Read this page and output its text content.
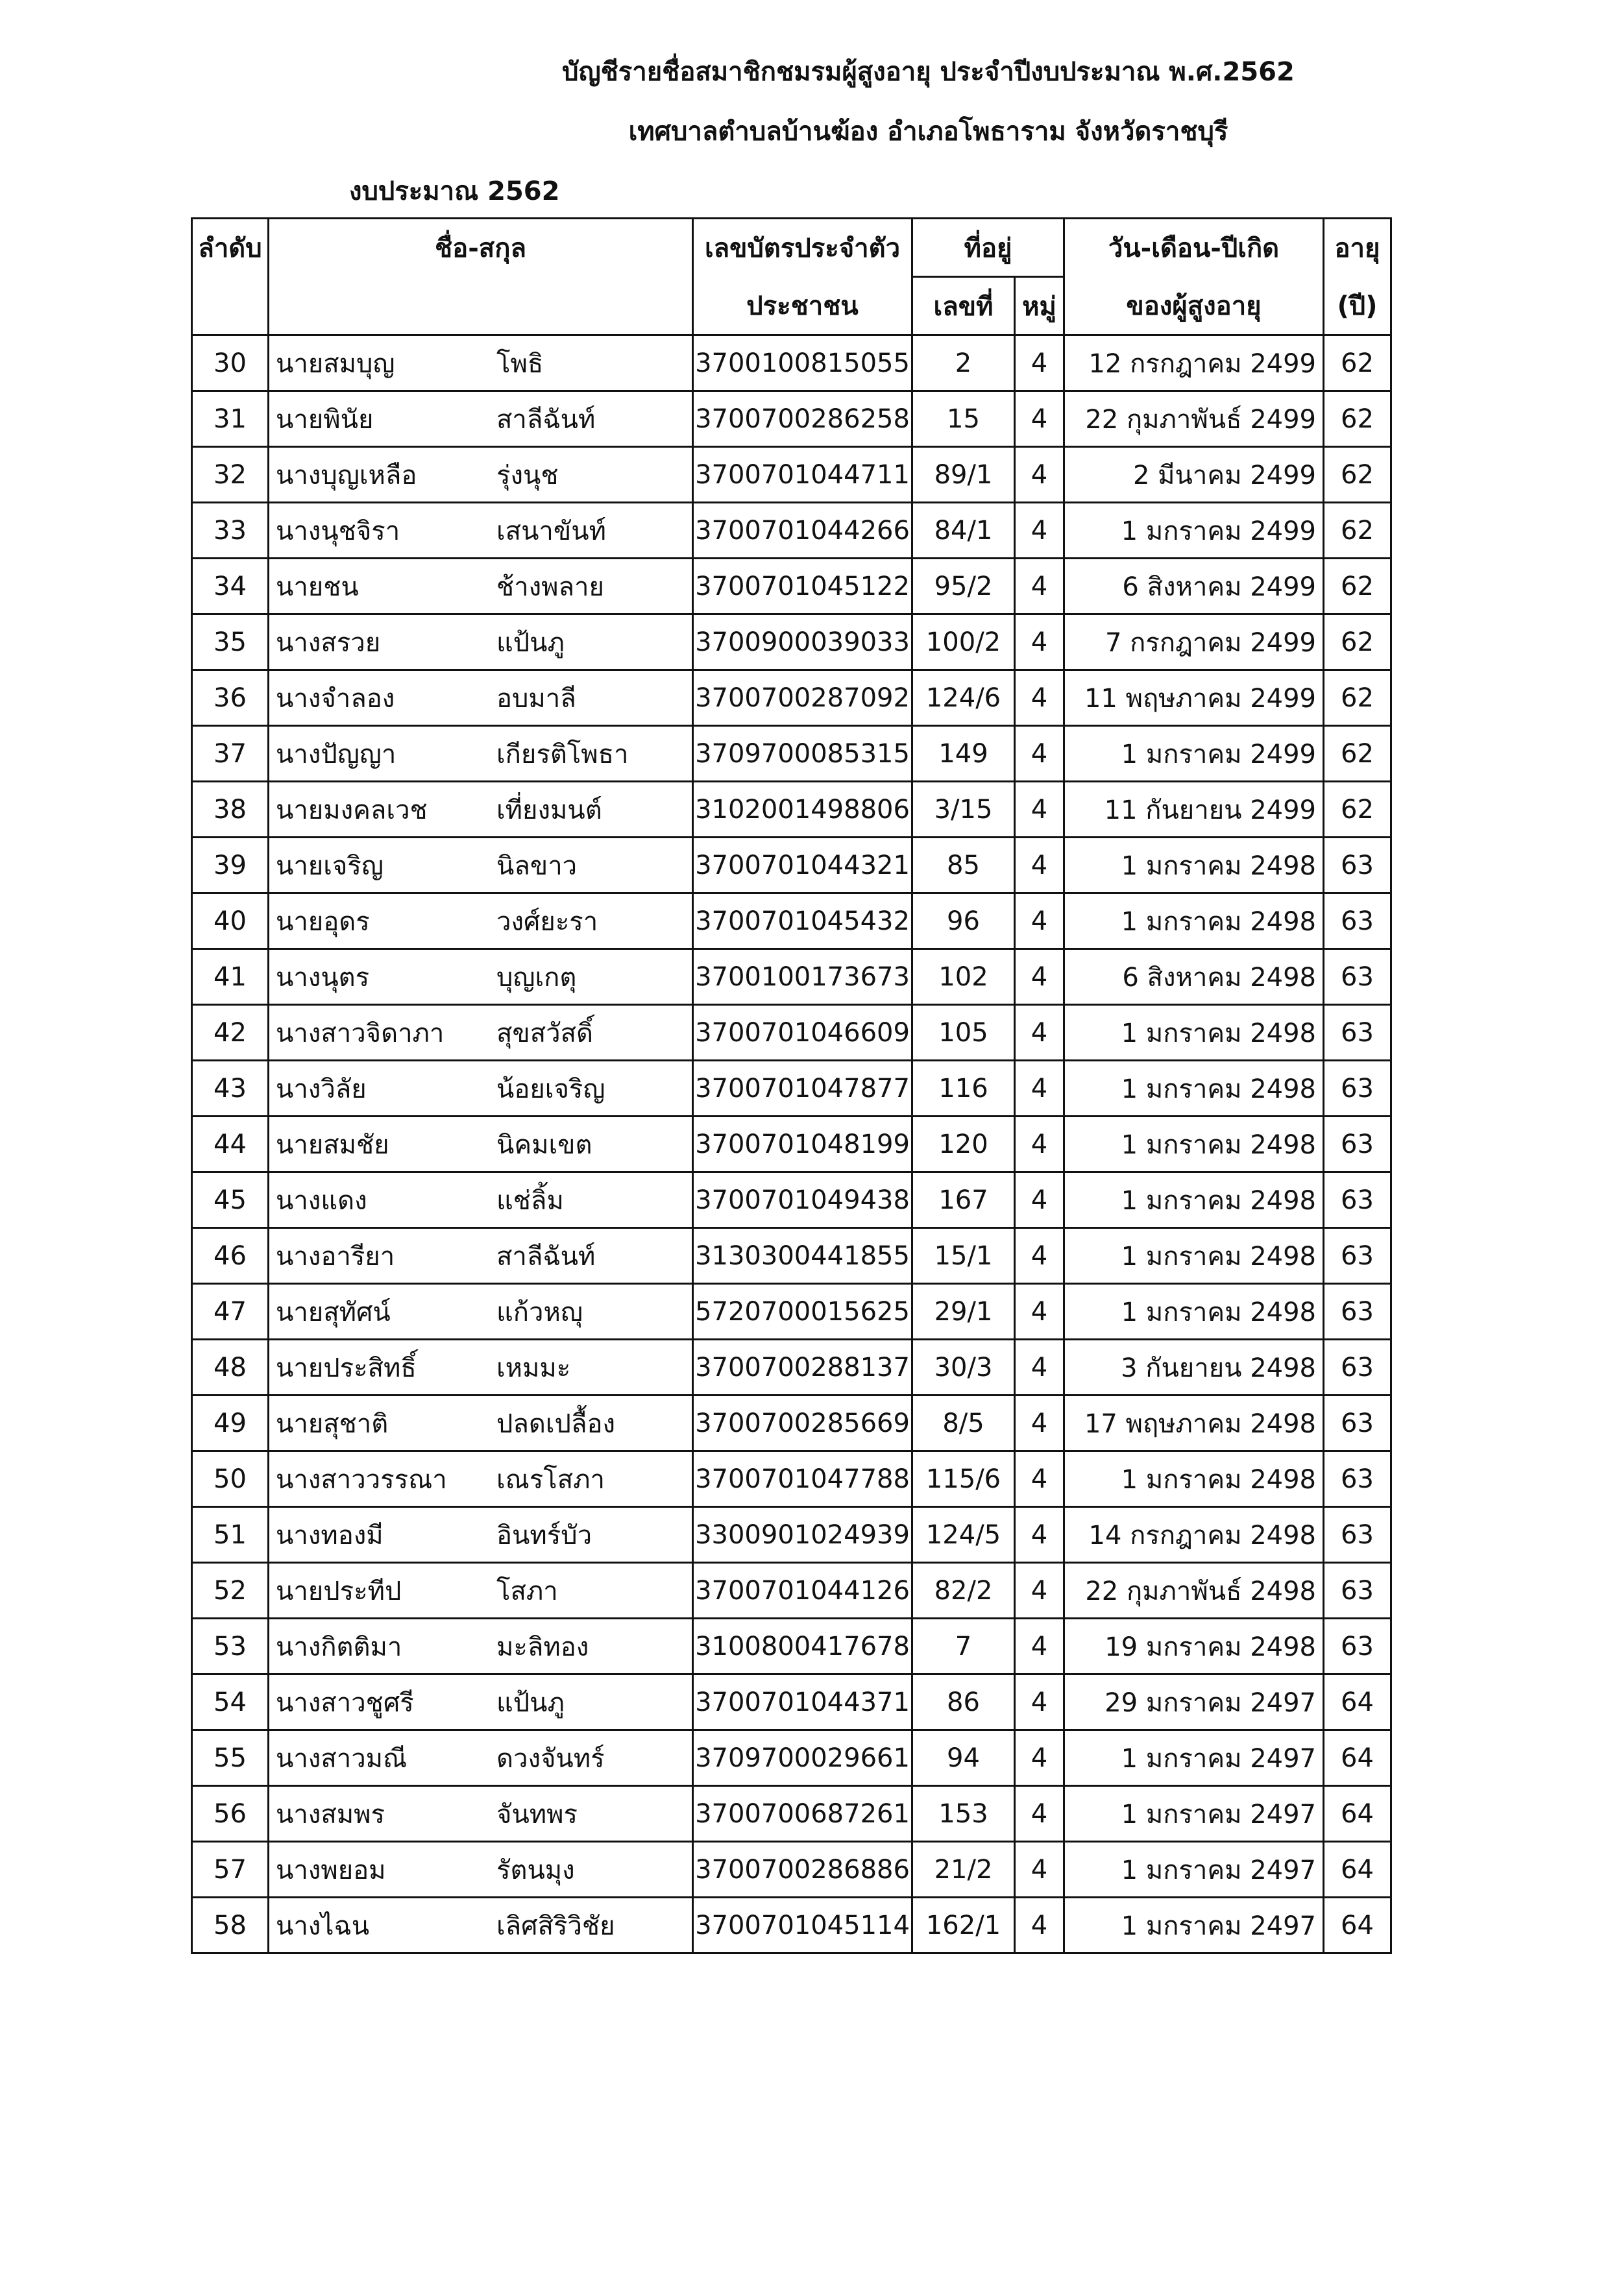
บัญชีรายชื่อสมาชิกชมรมผู้สูงอายุ ประจำปีงบประมาณ พ.ศ.2562
เทศบาลตำบลบ้านฆ้อง อำเภอโพธาราม จังหวัดราชบุรี
งบประมาณ 2562
ลำดับ	ชื่อ-สกุล	เลขบัตรประจำตัว	ที่อยู่		วัน-เดือน-ปีเกิด	อายุ
		ประชาชน	เลขที่	หมู่	ของผู้สูงอายุ	(ปี)
30	นายสมบุญ โพธิ	3700100815055	2	4	12 กรกฎาคม 2499	62
31	นายพินัย สาลีฉันท์	3700700286258	15	4	22 กุมภาพันธ์ 2499	62
32	นางบุญเหลือ รุ่งนุช	3700701044711	89/1	4	2 มีนาคม 2499	62
33	นางนุชจิรา เสนาขันท์	3700701044266	84/1	4	1 มกราคม 2499	62
34	นายชน ช้างพลาย	3700701045122	95/2	4	6 สิงหาคม 2499	62
35	นางสรวย แป้นภู	3700900039033	100/2	4	7 กรกฎาคม 2499	62
36	นางจำลอง อบมาลี	3700700287092	124/6	4	11 พฤษภาคม 2499	62
37	นางปัญญา เกียรติโพธา	3709700085315	149	4	1 มกราคม 2499	62
38	นายมงคลเวช เที่ยงมนต์	3102001498806	3/15	4	11 กันยายน 2499	62
39	นายเจริญ นิลขาว	3700701044321	85	4	1 มกราคม 2498	63
40	นายอุดร วงศ์ยะรา	3700701045432	96	4	1 มกราคม 2498	63
41	นางนุตร บุญเกตุ	3700100173673	102	4	6 สิงหาคม 2498	63
42	นางสาวจิดาภา สุขสวัสดิ์	3700701046609	105	4	1 มกราคม 2498	63
43	นางวิลัย น้อยเจริญ	3700701047877	116	4	1 มกราคม 2498	63
44	นายสมชัย นิคมเขต	3700701048199	120	4	1 มกราคม 2498	63
45	นางแดง แช่ลิ้ม	3700701049438	167	4	1 มกราคม 2498	63
46	นางอารียา สาลีฉันท์	3130300441855	15/1	4	1 มกราคม 2498	63
47	นายสุทัศน์ แก้วหญุ	5720700015625	29/1	4	1 มกราคม 2498	63
48	นายประสิทธิ์ เหมมะ	3700700288137	30/3	4	3 กันยายน 2498	63
49	นายสุชาติ ปลดเปลื้อง	3700700285669	8/5	4	17 พฤษภาคม 2498	63
50	นางสาววรรณา เณรโสภา	3700701047788	115/6	4	1 มกราคม 2498	63
51	นางทองมี อินทร์บัว	3300901024939	124/5	4	14 กรกฎาคม 2498	63
52	นายประทีป โสภา	3700701044126	82/2	4	22 กุมภาพันธ์ 2498	63
53	นางกิตติมา มะลิทอง	3100800417678	7	4	19 มกราคม 2498	63
54	นางสาวชูศรี แป้นภู	3700701044371	86	4	29 มกราคม 2497	64
55	นางสาวมณี ดวงจันทร์	3709700029661	94	4	1 มกราคม 2497	64
56	นางสมพร จันทพร	3700700687261	153	4	1 มกราคม 2497	64
57	นางพยอม รัตนมุง	3700700286886	21/2	4	1 มกราคม 2497	64
58	นางไฉน เลิศสิริวิชัย	3700701045114	162/1	4	1 มกราคม 2497	64
